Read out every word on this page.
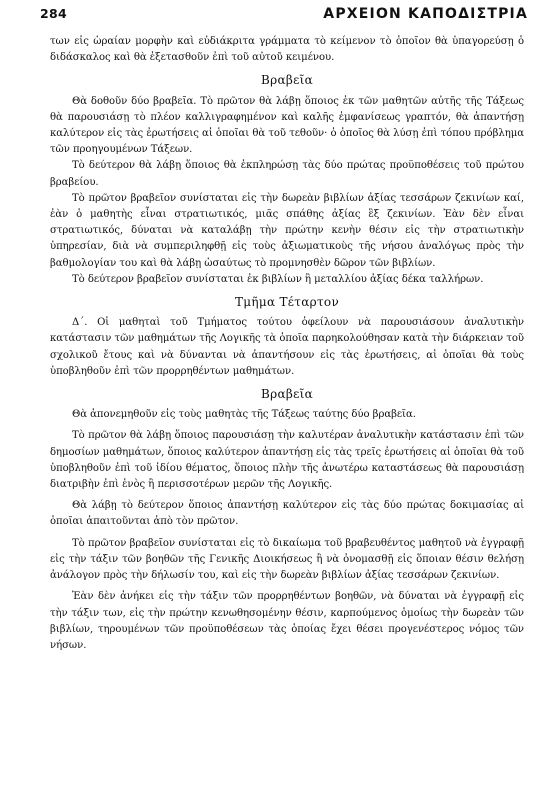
284	ΑΡΧΕΙΟΝ ΚΑΠΟΔΙΣΤΡΙΑ

των εἰς ὡραίαν μορφὴν καὶ εὐδιάκριτα γράμματα τὸ κείμενον τὸ ὁποῖον θὰ ὑπαγορεύσῃ ὁ διδάσκαλος καὶ θὰ ἐξετασθοῦν ἐπὶ τοῦ αὐτοῦ κειμένου.

Βραβεῖα

Θὰ δοθοῦν δύο βραβεῖα. Τὸ πρῶτον θὰ λάβῃ ὅποιος ἐκ τῶν μαθητῶν αὐτῆς τῆς Τάξεως θὰ παρουσιάσῃ τὸ πλέον καλλιγραφημένον καὶ καλῆς ἐμφανίσεως γραπτόν, θὰ ἀπαντήσῃ καλύτερον εἰς τὰς ἐρωτήσεις αἱ ὁποῖαι θὰ τοῦ τεθοῦν· ὁ ὁποῖος θὰ λύσῃ ἐπὶ τόπου πρόβλημα τῶν προηγουμένων Τάξεων.

Τὸ δεύτερον θὰ λάβῃ ὅποιος θὰ ἐκπληρώσῃ τὰς δύο πρώτας προϋποθέσεις τοῦ πρώτου βραβείου.

Τὸ πρῶτον βραβεῖον συνίσταται εἰς τὴν δωρεὰν βιβλίων ἀξίας τεσσάρων ζεκινίων καί, ἐὰν ὁ μαθητὴς εἶναι στρατιωτικός, μιᾶς σπάθης ἀξίας ἓξ ζεκινίων. Ἐὰν δὲν εἶναι στρατιωτικός, δύναται νὰ καταλάβῃ τὴν πρώτην κενὴν θέσιν εἰς τὴν στρατιωτικὴν ὑπηρεσίαν, διὰ νὰ συμπεριληφθῇ εἰς τοὺς ἀξιωματικοὺς τῆς νήσου ἀναλόγως πρὸς τὴν βαθμολογίαν του καὶ θὰ λάβῃ ὡσαύτως τὸ προμνησθὲν δῶρον τῶν βιβλίων.

Τὸ δεύτερον βραβεῖον συνίσταται ἐκ βιβλίων ἢ μεταλλίου ἀξίας δέκα ταλλήρων.

Τμῆμα Τέταρτον

Δ΄. Οἱ μαθηταὶ τοῦ Τμήματος τούτου ὀφείλουν νὰ παρουσιάσουν ἀναλυτικὴν κατάστασιν τῶν μαθημάτων τῆς Λογικῆς τὰ ὁποῖα παρηκολούθησαν κατὰ τὴν διάρκειαν τοῦ σχολικοῦ ἔτους καὶ νὰ δύνανται νὰ ἀπαντήσουν εἰς τὰς ἐρωτήσεις, αἱ ὁποῖαι θὰ τοὺς ὑποβληθοῦν ἐπὶ τῶν προρρηθέντων μαθημάτων.

Βραβεῖα

Θὰ ἀπονεμηθοῦν εἰς τοὺς μαθητὰς τῆς Τάξεως ταύτης δύο βραβεῖα.

Τὸ πρῶτον θὰ λάβῃ ὅποιος παρουσιάσῃ τὴν καλυτέραν ἀναλυτικὴν κατάστασιν ἐπὶ τῶν δημοσίων μαθημάτων, ὅποιος καλύτερον ἀπαντήσῃ εἰς τὰς τρεῖς ἐρωτήσεις αἱ ὁποῖαι θὰ τοῦ ὑποβληθοῦν ἐπὶ τοῦ ἰδίου θέματος, ὅποιος πλὴν τῆς ἀνωτέρω καταστάσεως θὰ παρουσιάσῃ διατριβὴν ἐπὶ ἑνὸς ἢ περισσοτέρων μερῶν τῆς Λογικῆς.

Θὰ λάβῃ τὸ δεύτερον ὅποιος ἀπαντήσῃ καλύτερον εἰς τὰς δύο πρώτας δοκιμασίας αἱ ὁποῖαι ἀπαιτοῦνται ἀπὸ τὸν πρῶτον.

Τὸ πρῶτον βραβεῖον συνίσταται εἰς τὸ δικαίωμα τοῦ βραβευθέντος μαθητοῦ νὰ ἐγγραφῇ εἰς τὴν τάξιν τῶν βοηθῶν τῆς Γενικῆς Διοικήσεως ἢ νὰ ὀνομασθῇ εἰς ὅποιαν θέσιν θελήσῃ ἀνάλογον πρὸς τὴν δήλωσίν του, καὶ εἰς τὴν δωρεὰν βιβλίων ἀξίας τεσσάρων ζεκινίων.

Ἐὰν δὲν ἀνήκει εἰς τὴν τάξιν τῶν προρρηθέντων βοηθῶν, νὰ δύναται νὰ ἐγγραφῇ εἰς τὴν τάξιν των, εἰς τὴν πρώτην κενωθησομένην θέσιν, καρπούμενος ὁμοίως τὴν δωρεὰν τῶν βιβλίων, τηρουμένων τῶν προϋποθέσεων τὰς ὁποίας ἔχει θέσει προγενέστερος νόμος τῶν νήσων.
